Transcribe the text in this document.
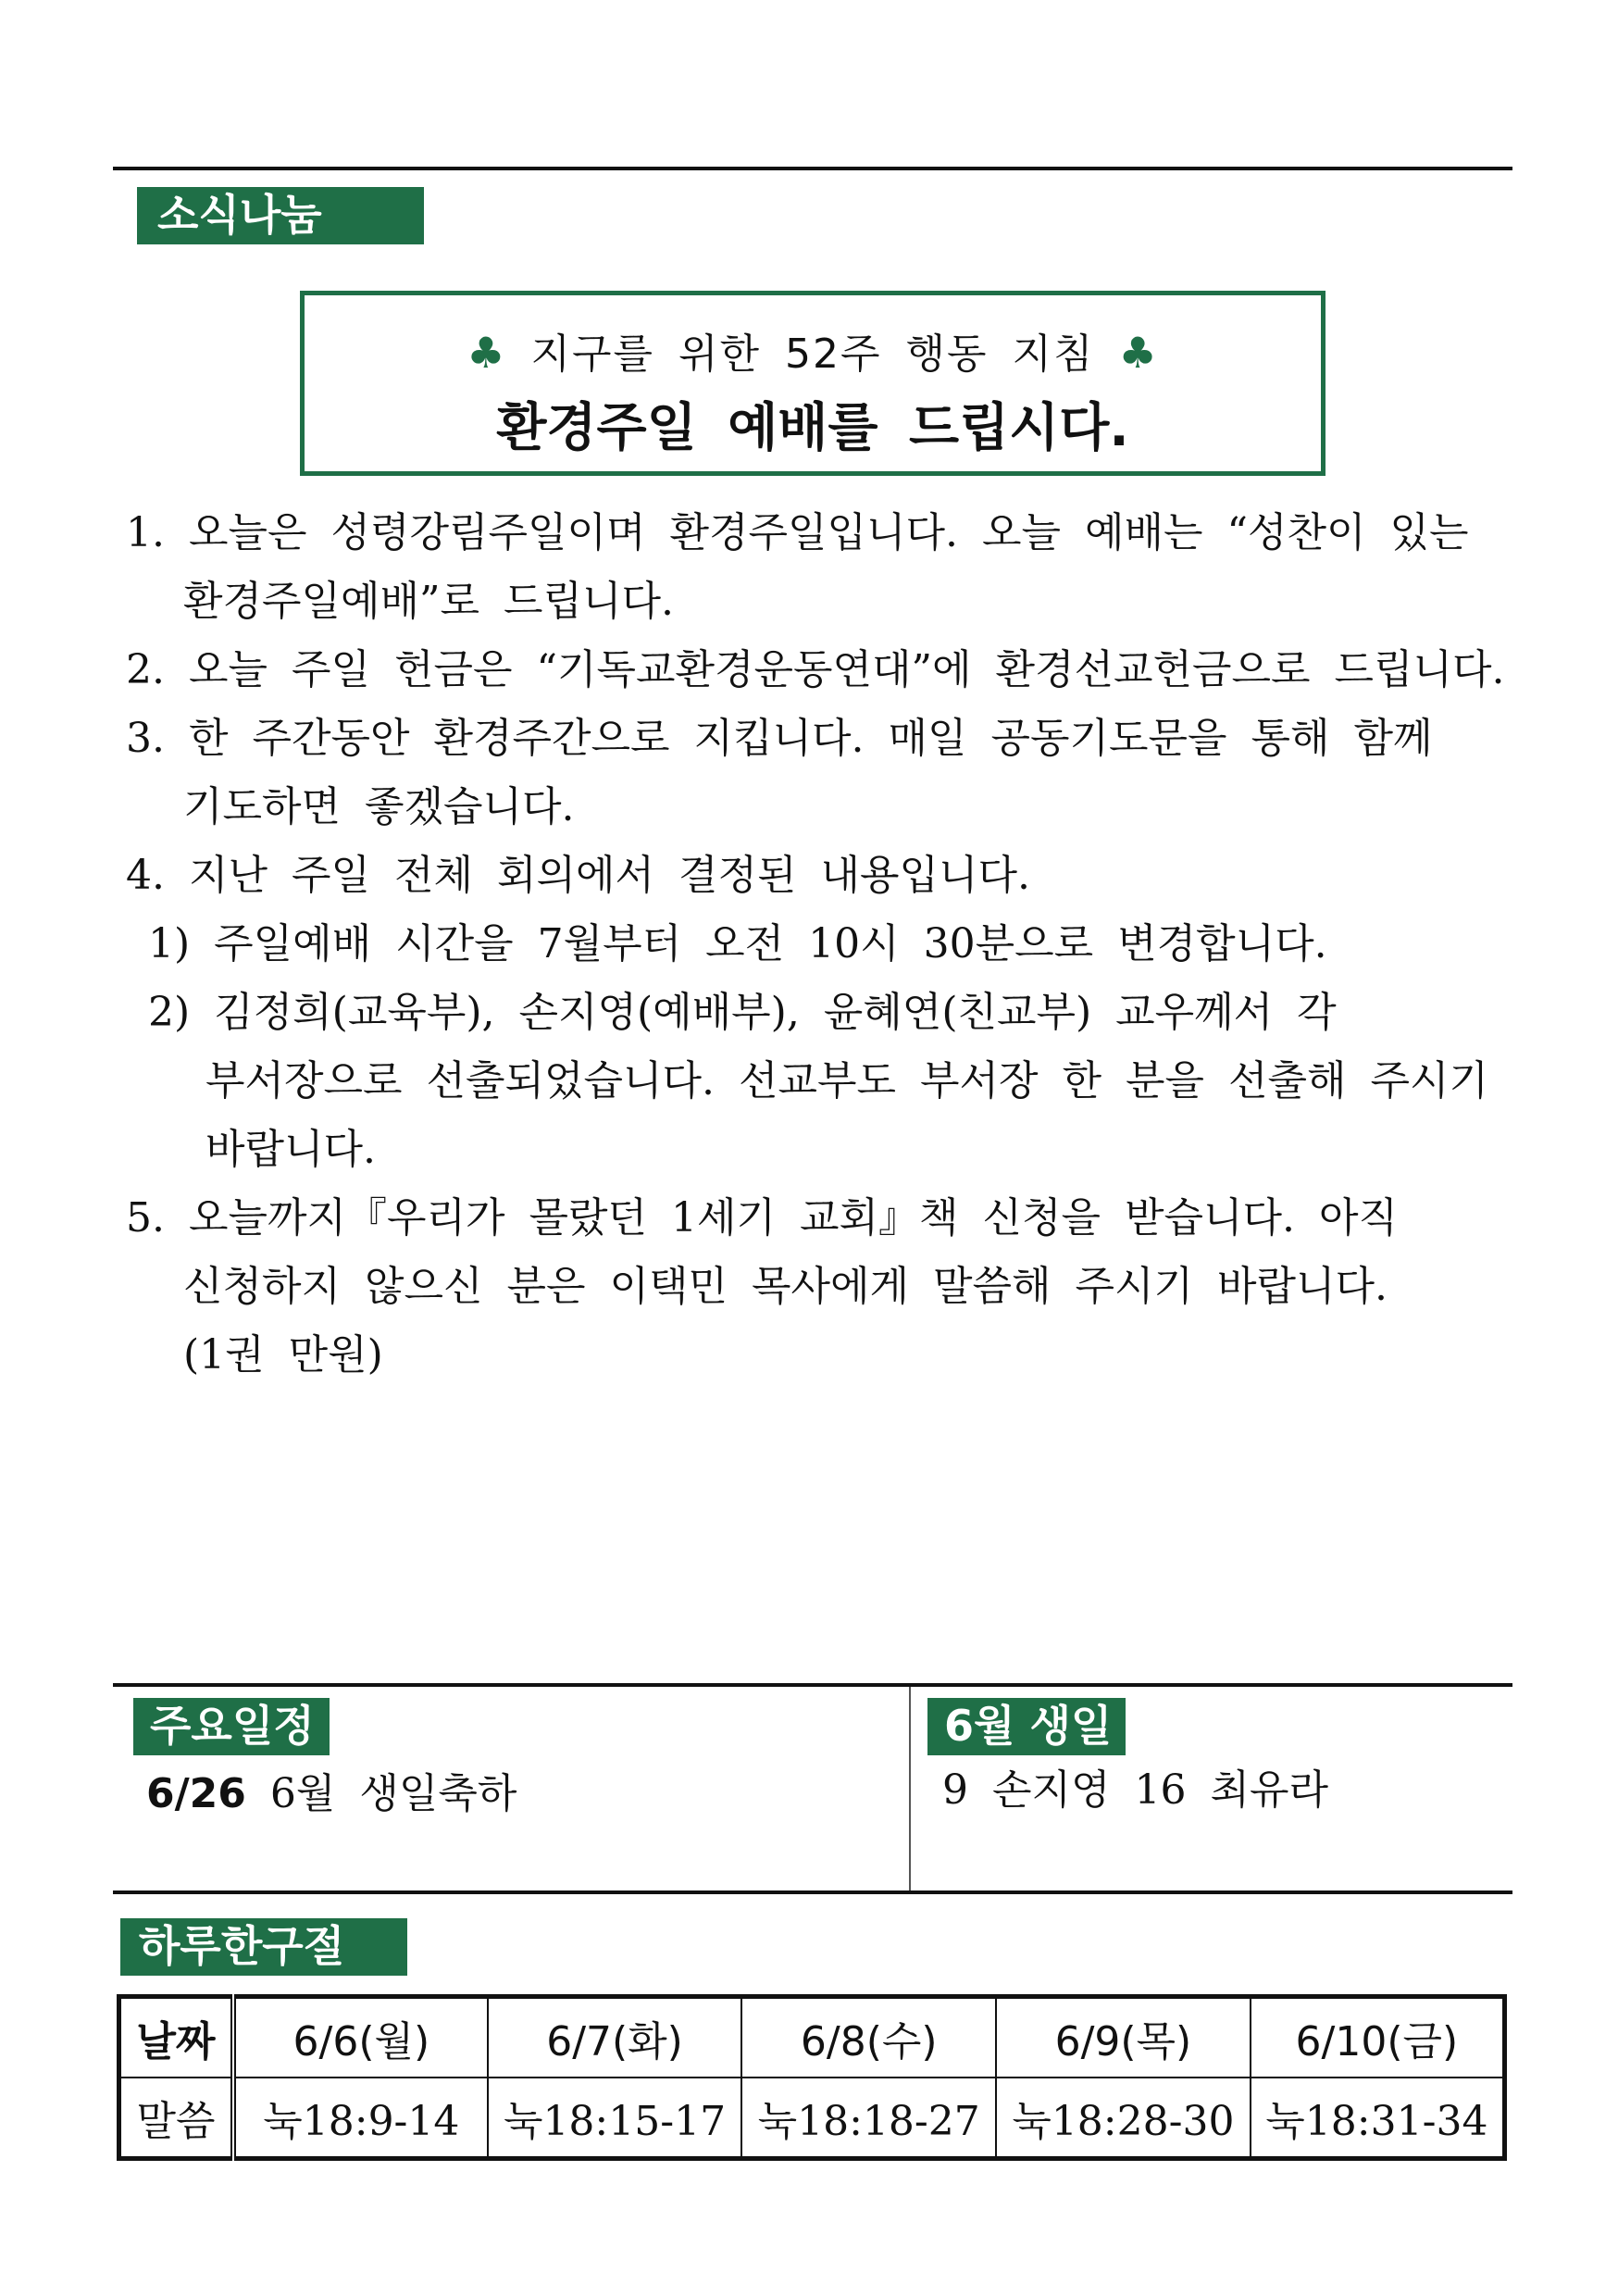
소식나눔
♣ 지구를 위한 52주 행동 지침 ♣
환경주일 예배를 드립시다.
1. 오늘은 성령강림주일이며 환경주일입니다. 오늘 예배는 “성찬이 있는
환경주일예배”로 드립니다.
2. 오늘 주일 헌금은 “기독교환경운동연대”에 환경선교헌금으로 드립니다.
3. 한 주간동안 환경주간으로 지킵니다. 매일 공동기도문을 통해 함께
기도하면 좋겠습니다.
4. 지난 주일 전체 회의에서 결정된 내용입니다.
1) 주일예배 시간을 7월부터 오전 10시 30분으로 변경합니다.
2) 김정희(교육부), 손지영(예배부), 윤혜연(친교부) 교우께서 각
부서장으로 선출되었습니다. 선교부도 부서장 한 분을 선출해 주시기
바랍니다.
5. 오늘까지『우리가 몰랐던 1세기 교회』책 신청을 받습니다. 아직
신청하지 않으신 분은 이택민 목사에게 말씀해 주시기 바랍니다.
(1권 만원)
주요일정
6/26 6월 생일축하
6월 생일
9 손지영 16 최유라
하루한구절
날짜	6/6(월)	6/7(화)	6/8(수)	6/9(목)	6/10(금)
말씀	눅18:9-14	눅18:15-17	눅18:18-27	눅18:28-30	눅18:31-34
